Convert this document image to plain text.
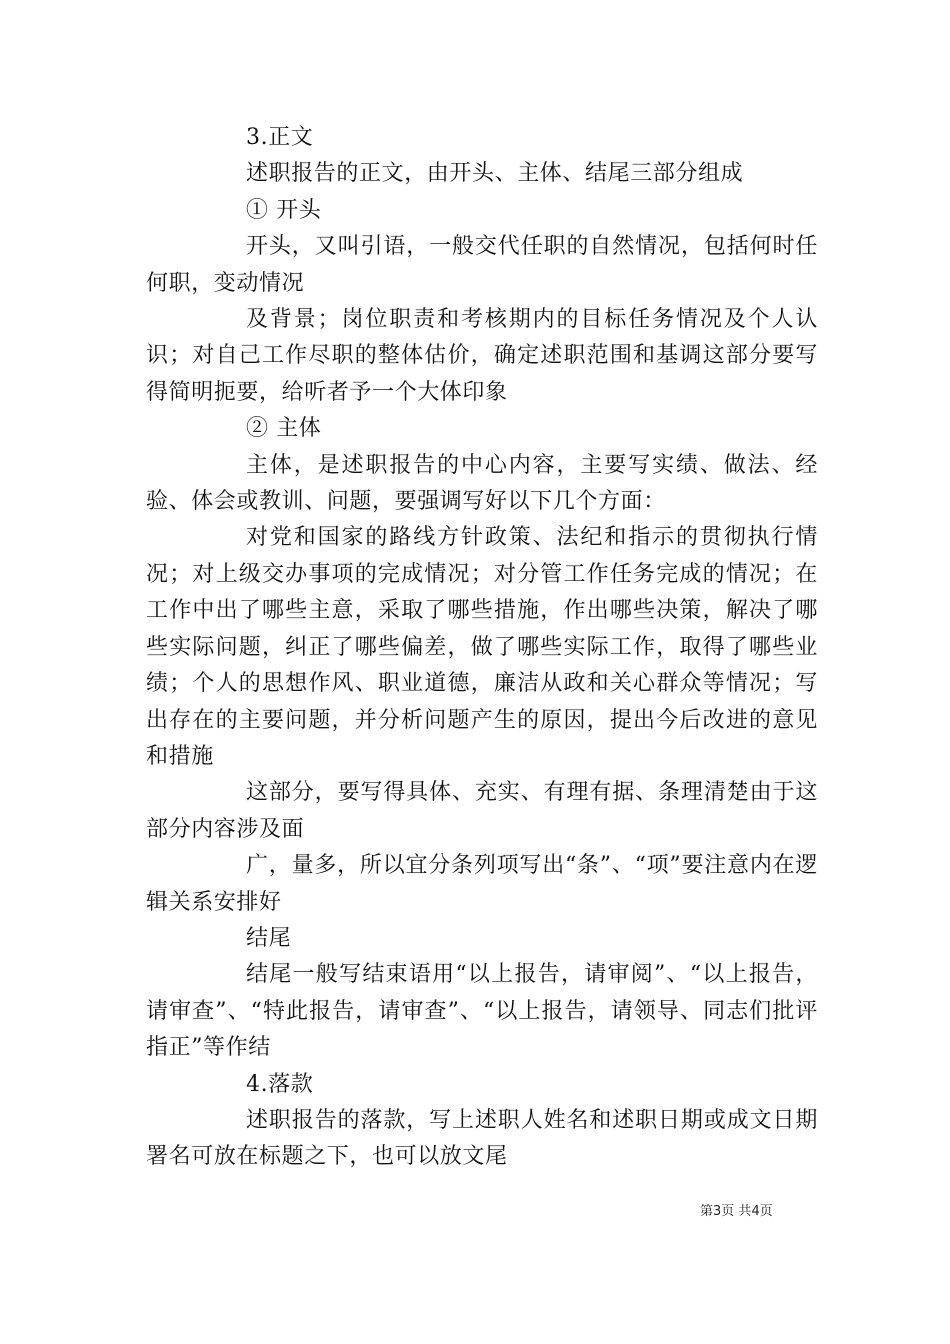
3.正文

述职报告的正文，由开头、主体、结尾三部分组成

① 开头

开头，又叫引语，一般交代任职的自然情况，包括何时任何职，变动情况

及背景；岗位职责和考核期内的目标任务情况及个人认识；对自己工作尽职的整体估价，确定述职范围和基调这部分要写得简明扼要，给听者予一个大体印象

② 主体

主体，是述职报告的中心内容，主要写实绩、做法、经验、体会或教训、问题，要强调写好以下几个方面：

对党和国家的路线方针政策、法纪和指示的贯彻执行情况；对上级交办事项的完成情况；对分管工作任务完成的情况；在工作中出了哪些主意，采取了哪些措施，作出哪些决策，解决了哪些实际问题，纠正了哪些偏差，做了哪些实际工作，取得了哪些业绩；个人的思想作风、职业道德，廉洁从政和关心群众等情况；写出存在的主要问题，并分析问题产生的原因，提出今后改进的意见和措施

这部分，要写得具体、充实、有理有据、条理清楚由于这部分内容涉及面

广，量多，所以宜分条列项写出“条”、“项”要注意内在逻辑关系安排好

结尾

结尾一般写结束语用“以上报告，请审阅”、“以上报告，请审查”、“特此报告，请审查”、“以上报告，请领导、同志们批评指正”等作结

4.落款

述职报告的落款，写上述职人姓名和述职日期或成文日期署名可放在标题之下，也可以放文尾

第3页 共4页
